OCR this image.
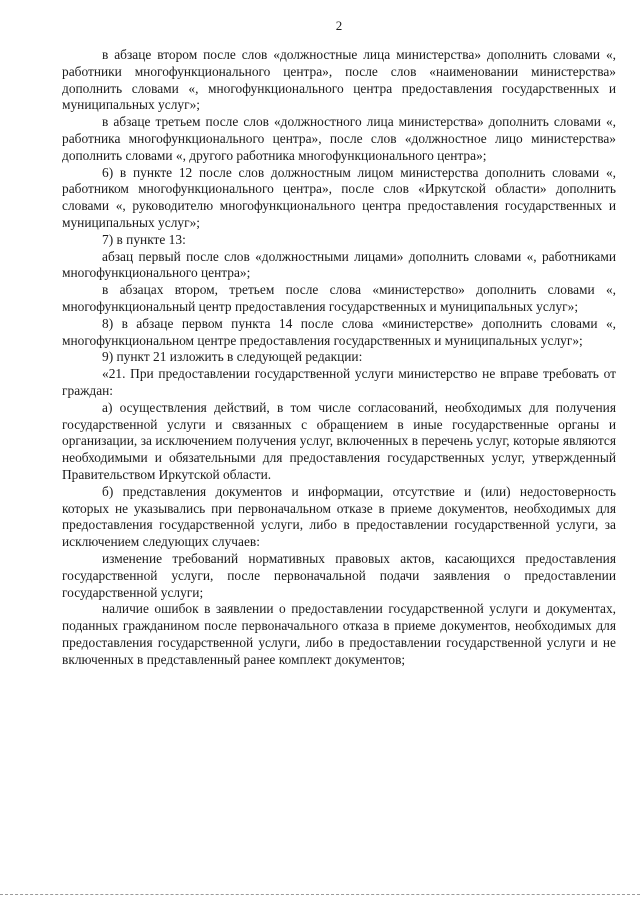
2

в абзаце втором после слов «должностные лица министерства» дополнить словами «, работники многофункционального центра», после слов «наименовании министерства» дополнить словами «, многофункционального центра предоставления государственных и муниципальных услуг»;

в абзаце третьем после слов «должностного лица министерства» дополнить словами «, работника многофункционального центра», после слов «должностное лицо министерства» дополнить словами «, другого работника многофункционального центра»;

6) в пункте 12 после слов должностным лицом министерства дополнить словами «, работником многофункционального центра», после слов «Иркутской области» дополнить словами «, руководителю многофункционального центра предоставления государственных и муниципальных услуг»;

7) в пункте 13:

абзац первый после слов «должностными лицами» дополнить словами «, работниками многофункционального центра»;

в абзацах втором, третьем после слова «министерство» дополнить словами «, многофункциональный центр предоставления государственных и муниципальных услуг»;

8) в абзаце первом пункта 14 после слова «министерстве» дополнить словами «, многофункциональном центре предоставления государственных и муниципальных услуг»;

9) пункт 21 изложить в следующей редакции:

«21. При предоставлении государственной услуги министерство не вправе требовать от граждан:

а) осуществления действий, в том числе согласований, необходимых для получения государственной услуги и связанных с обращением в иные государственные органы и организации, за исключением получения услуг, включенных в перечень услуг, которые являются необходимыми и обязательными для предоставления государственных услуг, утвержденный Правительством Иркутской области.

б) представления документов и информации, отсутствие и (или) недостоверность которых не указывались при первоначальном отказе в приеме документов, необходимых для предоставления государственной услуги, либо в предоставлении государственной услуги, за исключением следующих случаев:

изменение требований нормативных правовых актов, касающихся предоставления государственной услуги, после первоначальной подачи заявления о предоставлении государственной услуги;

наличие ошибок в заявлении о предоставлении государственной услуги и документах, поданных гражданином после первоначального отказа в приеме документов, необходимых для предоставления государственной услуги, либо в предоставлении государственной услуги и не включенных в представленный ранее комплект документов;
